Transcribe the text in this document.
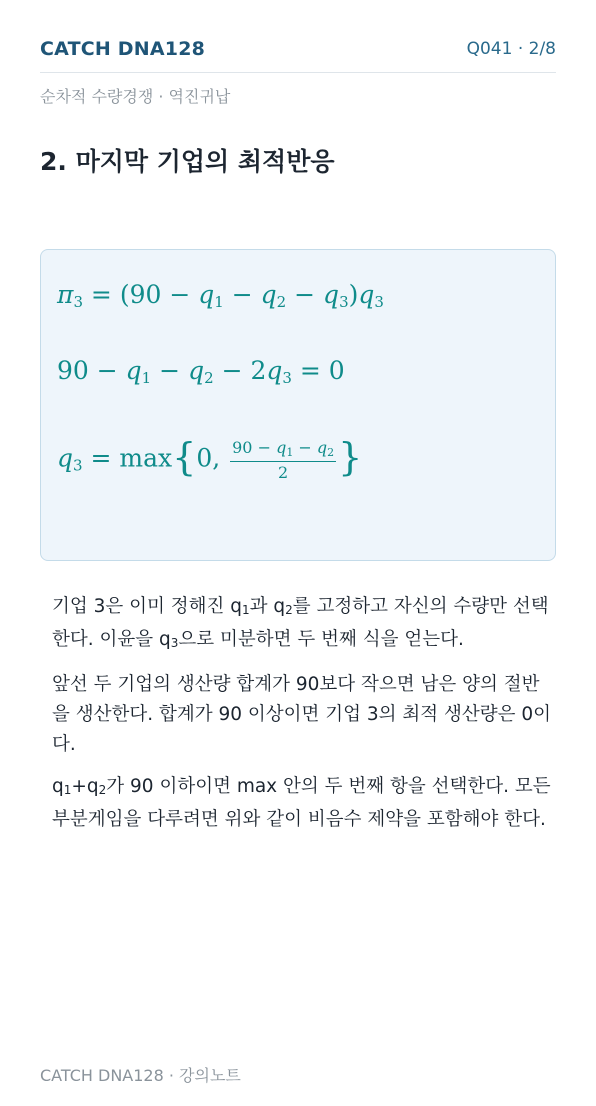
CATCH DNA128	Q041 · 2/8
순차적 수량경쟁 · 역진귀납
2. 마지막 기업의 최적반응
$\pi_3 = (90 - q_1 - q_2 - q_3)q_3$
$90 - q_1 - q_2 - 2q_3 = 0$
$q_3 = \max\{0$, $\frac{90 - q_1 - q_2}{2}$ }

기업 3은 이미 정해진 $q_1$과 $q_2$를 고정하고 자신의 수량만 선택한다. 이윤을 $q_3$으로 미분하면 두 번째 식을 얻는다.

앞선 두 기업의 생산량 합계가 90보다 작으면 남은 양의 절반을 생산한다. 합계가 90 이상이면 기업 3의 최적 생산량은 0이다.

$q_1+q_2$가 90 이하이면 max 안의 두 번째 항을 선택한다. 모든 부분게임을 다루려면 위와 같이 비음수 제약을 포함해야 한다.

CATCH DNA128 · 강의노트
